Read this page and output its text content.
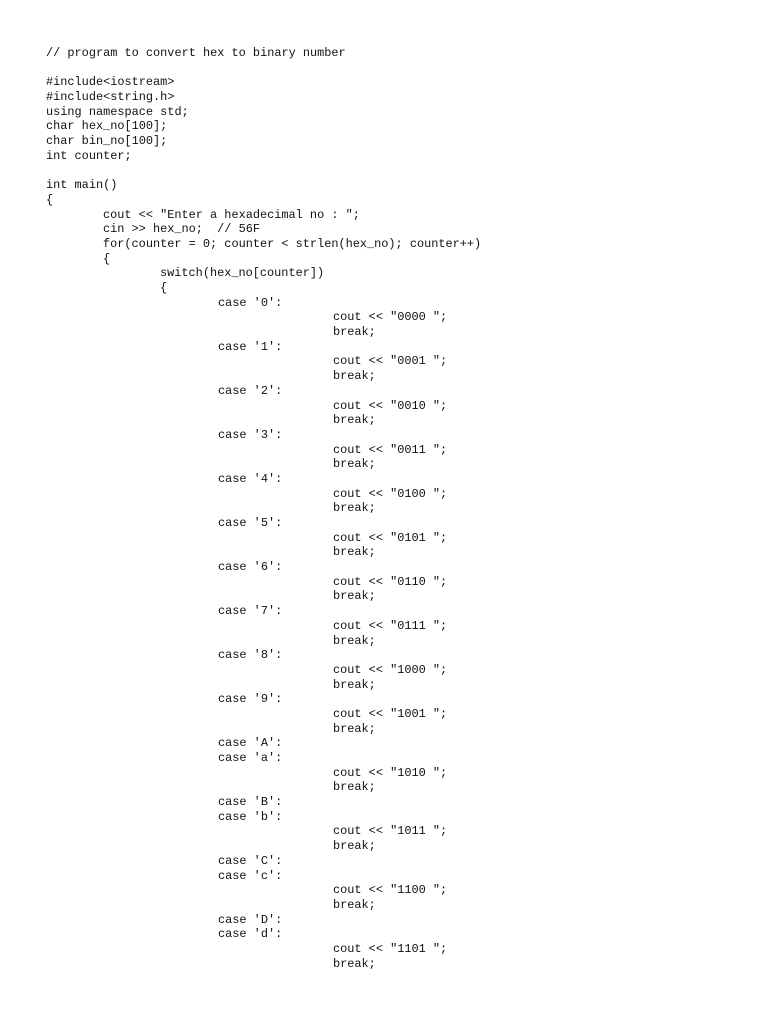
// program to convert hex to binary number
#include<iostream>
#include<string.h>
using namespace std;
char hex_no[100];
char bin_no[100];
int counter;
int main()
{
cout << "Enter a hexadecimal no : ";
cin >> hex_no;  // 56F
for(counter = 0; counter < strlen(hex_no); counter++)
{
switch(hex_no[counter])
{
case '0':
cout << "0000 ";
break;
case '1':
cout << "0001 ";
break;
case '2':
cout << "0010 ";
break;
case '3':
cout << "0011 ";
break;
case '4':
cout << "0100 ";
break;
case '5':
cout << "0101 ";
break;
case '6':
cout << "0110 ";
break;
case '7':
cout << "0111 ";
break;
case '8':
cout << "1000 ";
break;
case '9':
cout << "1001 ";
break;
case 'A':
case 'a':
cout << "1010 ";
break;
case 'B':
case 'b':
cout << "1011 ";
break;
case 'C':
case 'c':
cout << "1100 ";
break;
case 'D':
case 'd':
cout << "1101 ";
break;
